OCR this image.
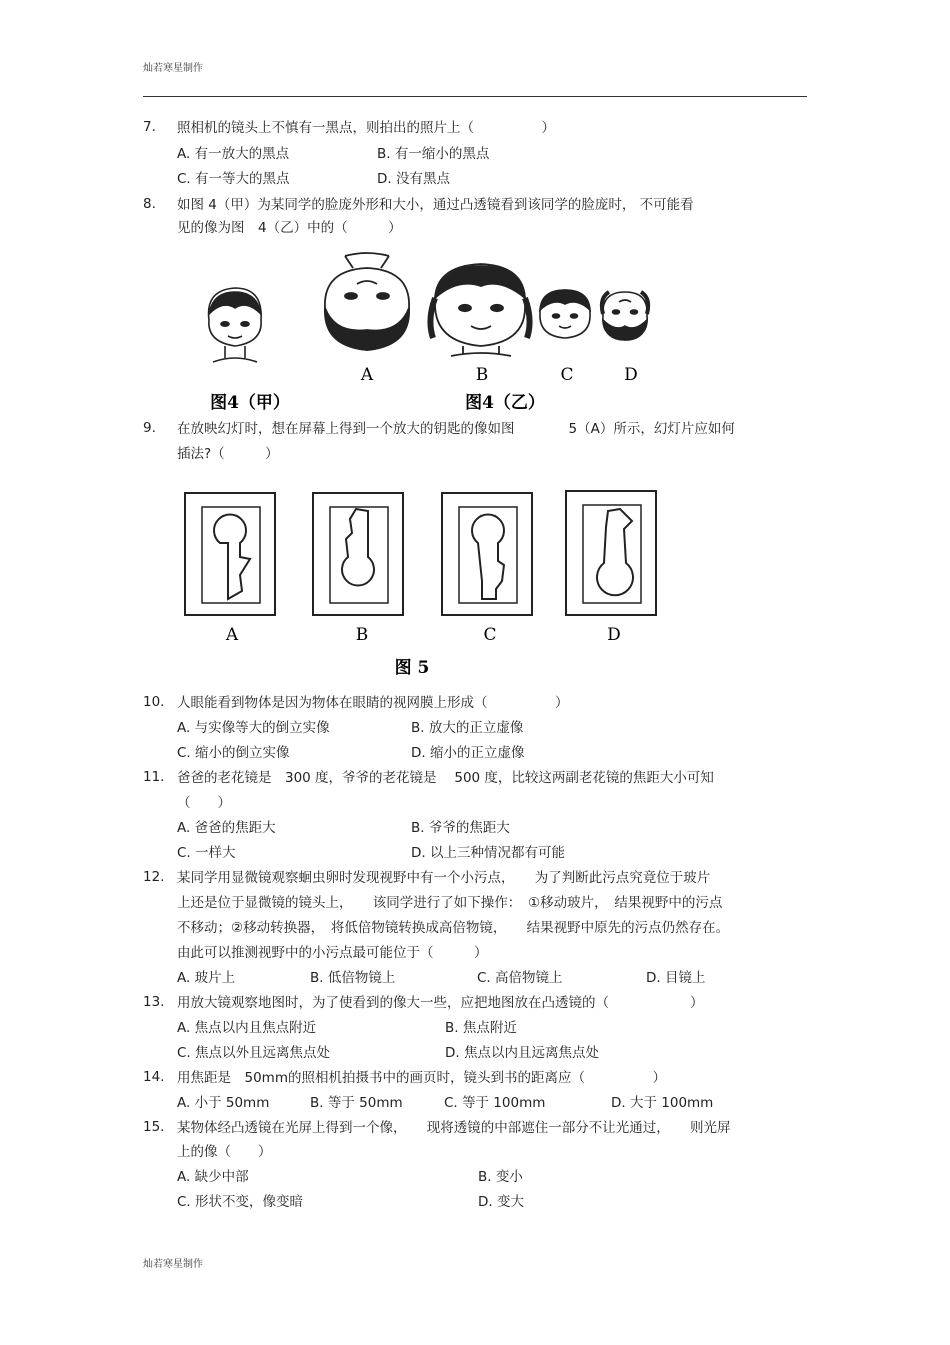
灿若寒星制作
7. 照相机的镜头上不慎有一黑点，则拍出的照片上（　　　　　）
A. 有一放大的黑点	B. 有一缩小的黑点
C. 有一等大的黑点	D. 没有黑点
8. 如图 4（甲）为某同学的脸庞外形和大小，通过凸透镜看到该同学的脸庞时， 不可能看
见的像为图　4（乙）中的（　　　）
A	B	C	D
图4（甲）	图4（乙）
9. 在放映幻灯时，想在屏幕上得到一个放大的钥匙的像如图　　　　5（A）所示，幻灯片应如何
插法?（　　　）
A	B	C	D
图 5
10. 人眼能看到物体是因为物体在眼睛的视网膜上形成（　　　　　）
A. 与实像等大的倒立实像	B. 放大的正立虚像
C. 缩小的倒立实像	D. 缩小的正立虚像
11. 爸爸的老花镜是　300 度，爷爷的老花镜是　 500 度，比较这两副老花镜的焦距大小可知
（　　）
A. 爸爸的焦距大	B. 爷爷的焦距大
C. 一样大	D. 以上三种情况都有可能
12. 某同学用显微镜观察蛔虫卵时发现视野中有一个小污点，　　为了判断此污点究竟位于玻片
上还是位于显微镜的镜头上，　　该同学进行了如下操作：　①移动玻片，　结果视野中的污点
不移动；②移动转换器，　将低倍物镜转换成高倍物镜，　　结果视野中原先的污点仍然存在。
由此可以推测视野中的小污点最可能位于（　　　）
A. 玻片上	B. 低倍物镜上	C. 高倍物镜上	D. 目镜上
13. 用放大镜观察地图时，为了使看到的像大一些，应把地图放在凸透镜的（　　　　　　）
A. 焦点以内且焦点附近	B. 焦点附近
C. 焦点以外且远离焦点处	D. 焦点以内且远离焦点处
14. 用焦距是　50mm的照相机拍摄书中的画页时，镜头到书的距离应（　　　　　）
A. 小于 50mm	B. 等于 50mm	C. 等于 100mm	D. 大于 100mm
15. 某物体经凸透镜在光屏上得到一个像，　　现将透镜的中部遮住一部分不让光通过，　　则光屏
上的像（　　）
A. 缺少中部	B. 变小
C. 形状不变，像变暗	D. 变大
灿若寒星制作
